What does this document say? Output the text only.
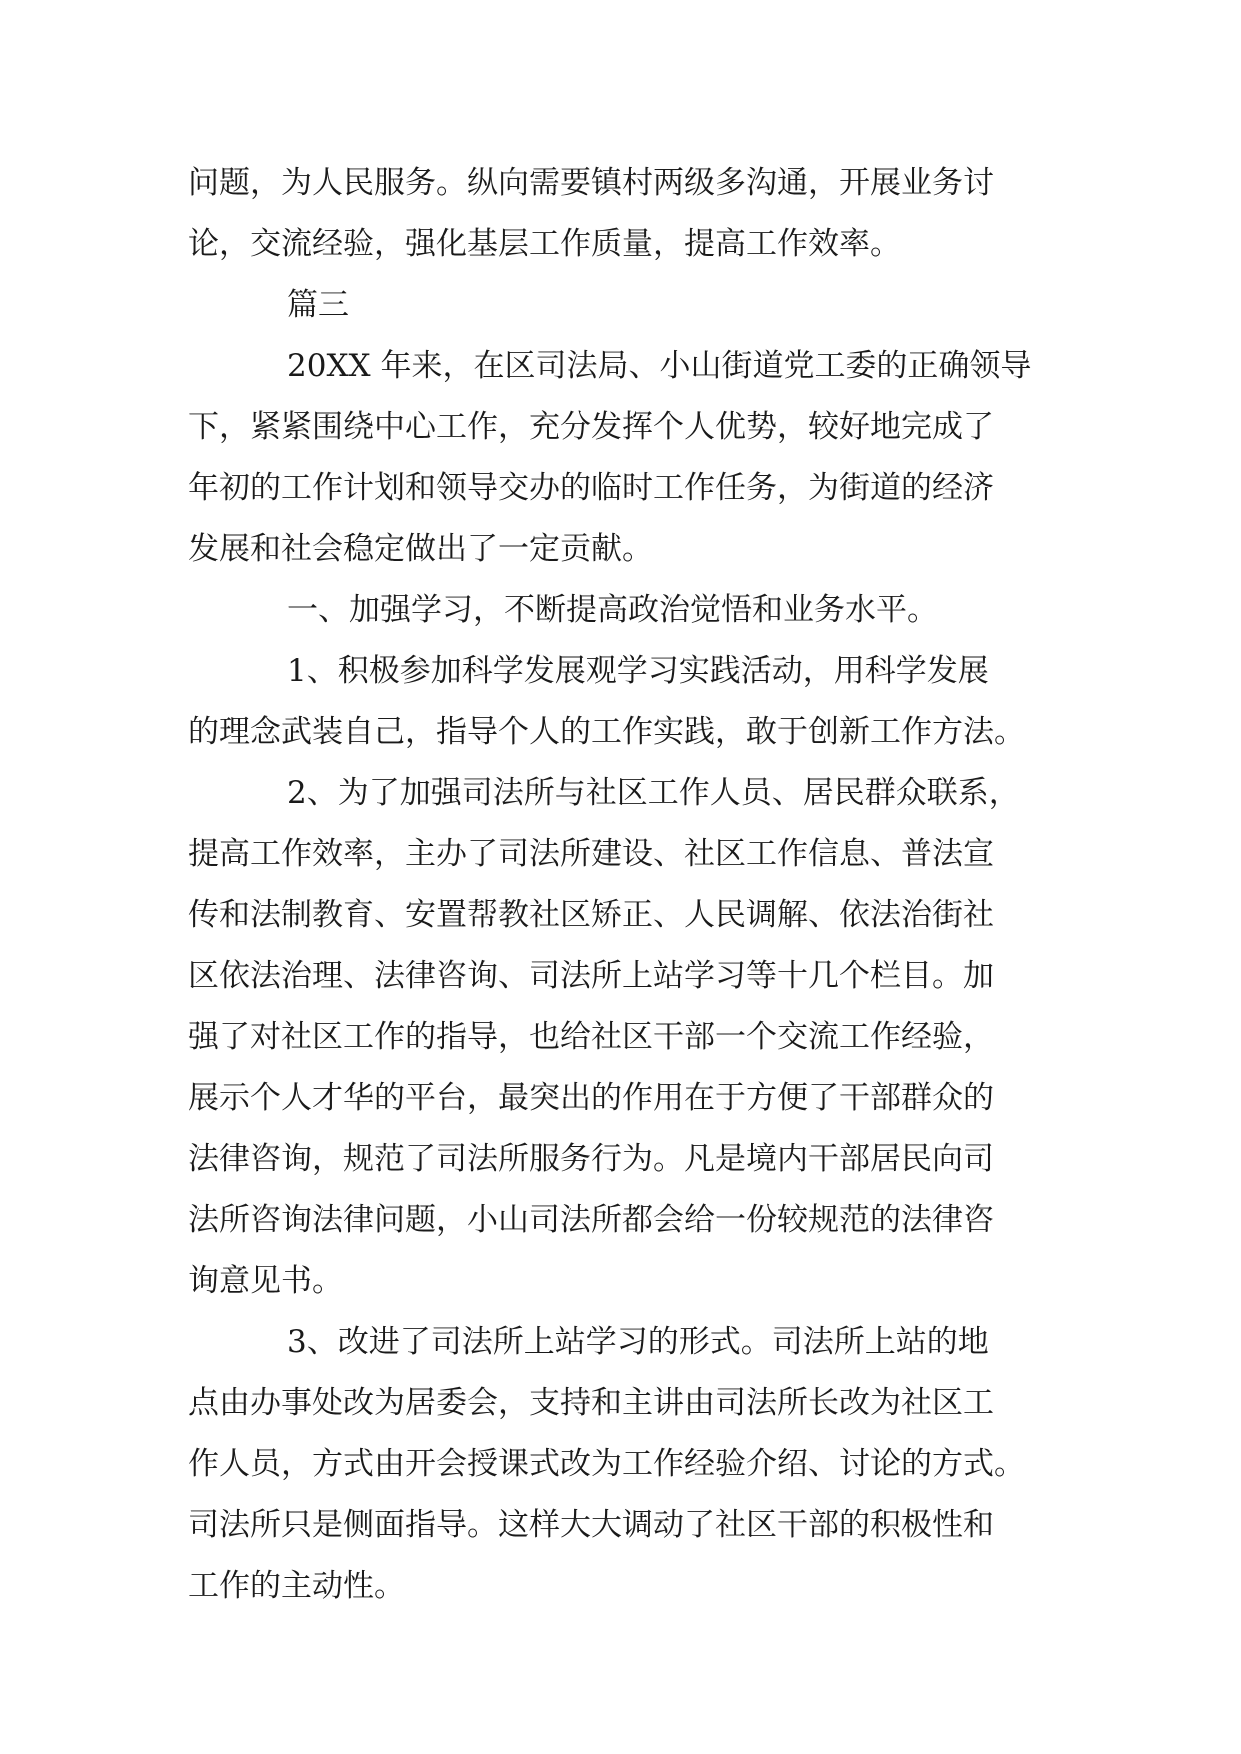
问题，为人民服务。纵向需要镇村两级多沟通，开展业务讨
论，交流经验，强化基层工作质量，提高工作效率。
篇三
20XX 年来，在区司法局、小山街道党工委的正确领导
下，紧紧围绕中心工作，充分发挥个人优势，较好地完成了
年初的工作计划和领导交办的临时工作任务，为街道的经济
发展和社会稳定做出了一定贡献。
一、加强学习，不断提高政治觉悟和业务水平。
1、积极参加科学发展观学习实践活动，用科学发展
的理念武装自己，指导个人的工作实践，敢于创新工作方法。
2、为了加强司法所与社区工作人员、居民群众联系，
提高工作效率，主办了司法所建设、社区工作信息、普法宣
传和法制教育、安置帮教社区矫正、人民调解、依法治街社
区依法治理、法律咨询、司法所上站学习等十几个栏目。加
强了对社区工作的指导，也给社区干部一个交流工作经验，
展示个人才华的平台，最突出的作用在于方便了干部群众的
法律咨询，规范了司法所服务行为。凡是境内干部居民向司
法所咨询法律问题，小山司法所都会给一份较规范的法律咨
询意见书。
3、改进了司法所上站学习的形式。司法所上站的地
点由办事处改为居委会，支持和主讲由司法所长改为社区工
作人员，方式由开会授课式改为工作经验介绍、讨论的方式。
司法所只是侧面指导。这样大大调动了社区干部的积极性和
工作的主动性。
